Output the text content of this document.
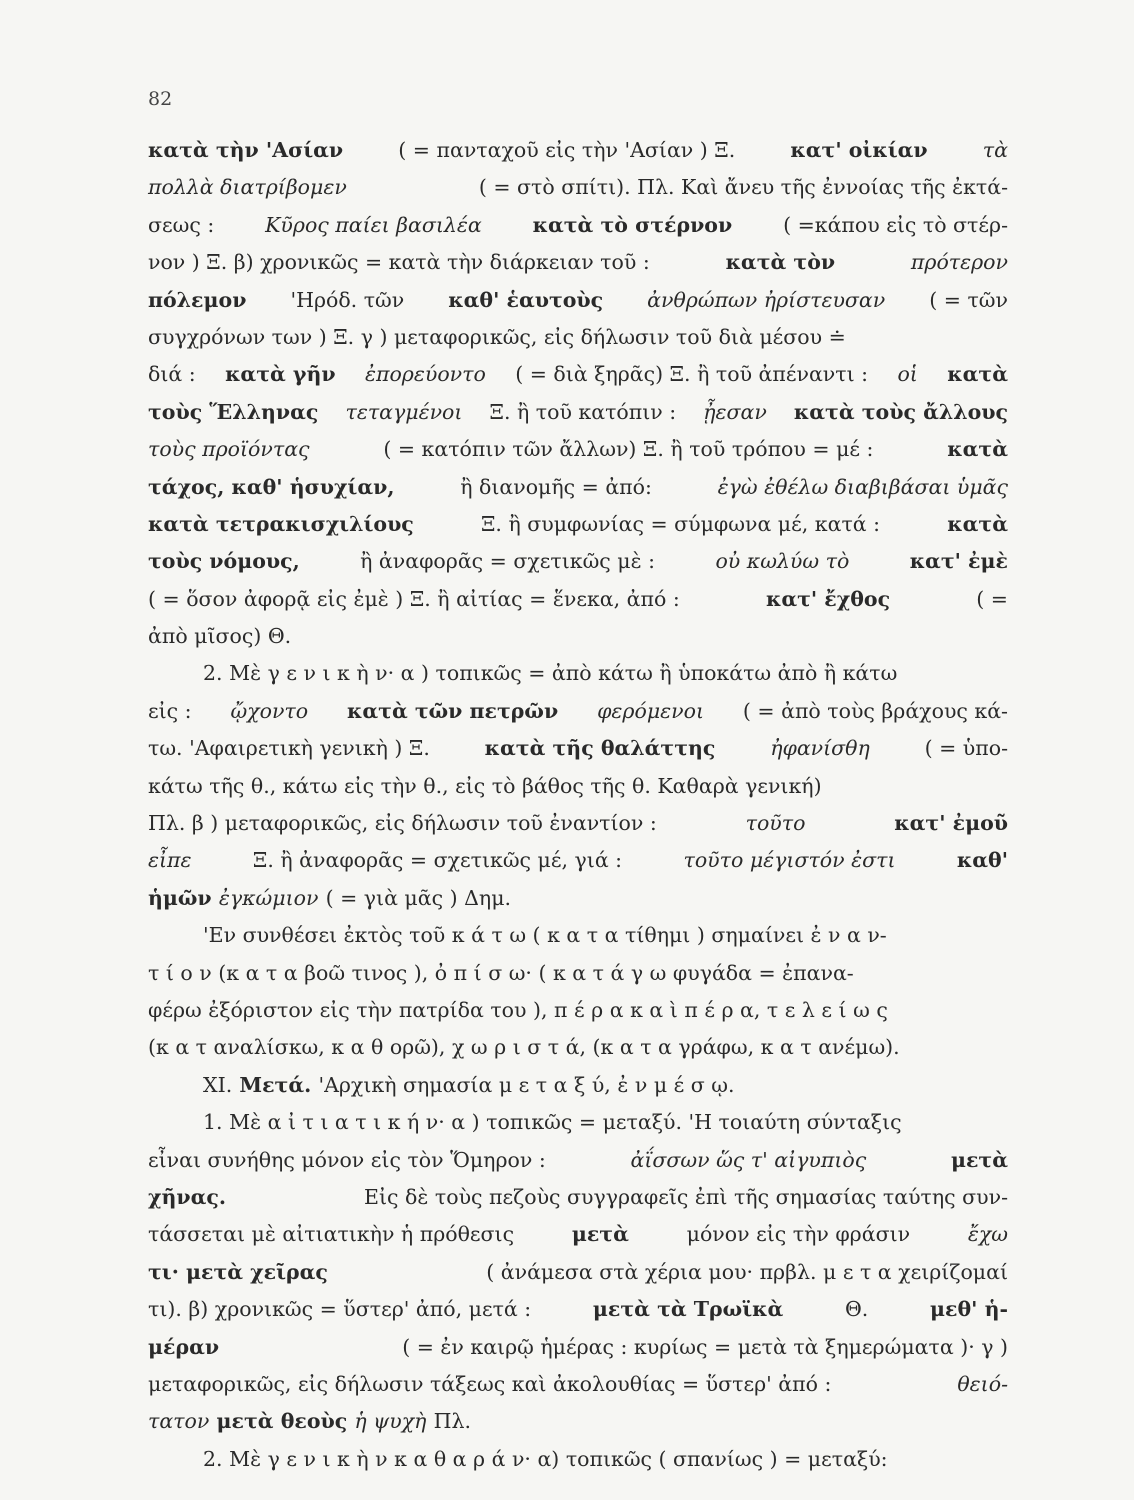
82
κατὰ τὴν 'Ασίαν	( = πανταχοῦ εἰς τὴν 'Ασίαν ) Ξ.	κατ' οἰκίαν	τὰ
πολλὰ διατρίβομεν	( = στὸ σπίτι). Πλ. Καὶ ἄνευ τῆς ἐννοίας τῆς ἐκτά-
σεως : Κῦρος παίει βασιλέα κατὰ τὸ στέρνον ( =κάπου εἰς τὸ στέρ-
νον ) Ξ. β) χρονικῶς = κατὰ τὴν διάρκειαν τοῦ :	κατὰ τὸν	πρότερον
πόλεμον 'Ηρόδ. τῶν καθ' ἑαυτοὺς ἀνθρώπων ἠρίστευσαν ( = τῶν
συγχρόνων των ) Ξ. γ ) μεταφορικῶς, εἰς δήλωσιν τοῦ διὰ μέσου ≐
διά : κατὰ γῆν ἐπορεύοντο ( = διὰ ξηρᾶς) Ξ. ἢ τοῦ ἀπέναντι : οἱ κατὰ
τοὺς Ἕλληνας τεταγμένοι Ξ. ἢ τοῦ κατόπιν : ᾖεσαν κατὰ τοὺς ἄλλους
τοὺς προϊόντας	( = κατόπιν τῶν ἄλλων) Ξ. ἢ τοῦ τρόπου = μέ :	κατὰ
τάχος, καθ' ἡσυχίαν,	ἢ διανομῆς = ἀπό:	ἐγὼ ἐθέλω διαβιβάσαι ὑμᾶς
κατὰ τετρακισχιλίους	Ξ. ἢ συμφωνίας = σύμφωνα μέ, κατά :	κατὰ
τοὺς νόμους,	ἢ ἀναφορᾶς = σχετικῶς μὲ :	οὐ κωλύω τὸ	κατ' ἐμὲ
( = ὅσον ἀφορᾷ εἰς ἐμὲ ) Ξ. ἢ αἰτίας = ἕνεκα, ἀπό :	κατ' ἔχθος	( =
ἀπὸ μῖσος) Θ.
2. Μὲ γ ε ν ι κ ὴ ν· α ) τοπικῶς = ἀπὸ κάτω ἢ ὑποκάτω ἀπὸ ἢ κάτω
εἰς : ᾤχοντο κατὰ τῶν πετρῶν φερόμενοι ( = ἀπὸ τοὺς βράχους κά-
τω. 'Αφαιρετικὴ γενικὴ ) Ξ.	κατὰ τῆς θαλάττης	ἠφανίσθη	( = ὑπο-
κάτω τῆς θ., κάτω εἰς τὴν θ., εἰς τὸ βάθος τῆς θ. Καθαρὰ γενική)
Πλ. β ) μεταφορικῶς, εἰς δήλωσιν τοῦ ἐναντίον :	τοῦτο	κατ' ἐμοῦ
εἶπε	Ξ. ἢ ἀναφορᾶς = σχετικῶς μέ, γιά :	τοῦτο μέγιστόν ἐστι	καθ'
ἡμῶν ἐγκώμιον ( = γιὰ μᾶς ) Δημ.
'Εν συνθέσει ἐκτὸς τοῦ κ ά τ ω ( κ α τ α τίθημι ) σημαίνει ἐ ν α ν-
τ ί ο ν (κ α τ α βοῶ τινος ), ὀ π ί σ ω· ( κ α τ ά γ ω φυγάδα = ἐπανα-
φέρω ἐξόριστον εἰς τὴν πατρίδα του ), π έ ρ α κ α ὶ π έ ρ α, τ ε λ ε ί ω ς
(κ α τ αναλίσκω, κ α θ ορῶ), χ ω ρ ι σ τ ά, (κ α τ α γράφω, κ α τ ανέμω).
XI. Μετά. 'Αρχικὴ σημασία μ ε τ α ξ ύ, ἐ ν μ έ σ ῳ.
1. Μὲ α ἰ τ ι α τ ι κ ή ν· α ) τοπικῶς = μεταξύ. 'Η τοιαύτη σύνταξις
εἶναι συνήθης μόνον εἰς τὸν Ὅμηρον :	ἀΐσσων ὥς τ' αἰγυπιὸς	μετὰ
χῆνας.	Εἰς δὲ τοὺς πεζοὺς συγγραφεῖς ἐπὶ τῆς σημασίας ταύτης συν-
τάσσεται μὲ αἰτιατικὴν ἡ πρόθεσις	μετὰ	μόνον εἰς τὴν φράσιν	ἔχω
τι· μετὰ χεῖρας	( ἀνάμεσα στὰ χέρια μου· πρβλ. μ ε τ α χειρίζομαί
τι). β) χρονικῶς = ὕστερ' ἀπό, μετά :	μετὰ τὰ Τρωϊκὰ	Θ.	μεθ' ἡ-
μέραν	( = ἐν καιρῷ ἡμέρας : κυρίως = μετὰ τὰ ξημερώματα )· γ )
μεταφορικῶς, εἰς δήλωσιν τάξεως καὶ ἀκολουθίας = ὕστερ' ἀπό :	θειό-
τατον μετὰ θεοὺς ἡ ψυχὴ Πλ.
2. Μὲ γ ε ν ι κ ὴ ν κ α θ α ρ ά ν· α) τοπικῶς ( σπανίως ) = μεταξύ:
